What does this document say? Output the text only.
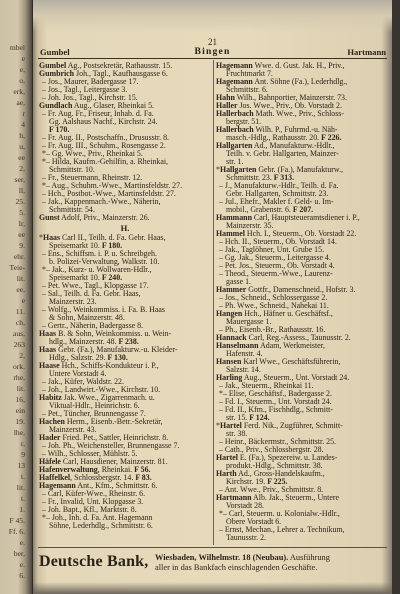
mbel
e
e,
o,
erk,
ae,
r
4
h,
u,
ee
2,
ser,
ll,
25.
5.
lr,
ee
9.
ehr.
Teie-
lit.
ee,
e
11.
ch,
aus,
263
2,
ork.
rhe,
lit.
16,
ein
19.
lhe,
r,
9
13
t.
lit.
t.
1.
F 45.
Ff. 6.
e.
ber,
e.
6.
21
Gumbel	Bingen	Hartmann
Gumbel Ag., Postsekretär, Rathausstr. 15.
Gumbrich Joh., Tagl., Kaufhausgasse 6.
– Jos., Maurer, Badergasse 17.
– Jos., Tagl., Leitergasse 3.
– Joh. Jos., Tagl., Kirchstr. 15.
Gundlach Aug., Glaser, Rheinkai 5.
– Fr. Aug. Fr., Friseur, Inhab. d. Fa.
Gg. Aalshaus Nachf., Kirchstr. 24.
F 170.
– Fr. Aug. II., Postschaffn., Drususstr. 8.
– Fr. Aug. III., Schuhm., Rosengasse 2.
*– Gg. Wwe., Priv., Rheinkai 5.
*– Hilda, Kaufm.-Gehilfin, a. Rheinkai,
Schmittstr. 10.
– Fr., Steuermann, Rheinstr. 12.
*– Aug., Schuhm.-Wwe., Martinsfeldstr. 27.
– Hch., Postbot.-Wwe., Martinsfeldstr. 27.
– Jak., Kappenmach.-Wwe., Näherin,
Schmittstr. 54.
Gunst Adolf, Priv., Mainzerstr. 26.
H.
*Haas Carl II., Teilh. d. Fa. Gebr. Haas,
Speisemarkt 10. F 180.
– Ens., Schiffsm. i. P. u. Schreibgeh.
b. Polizei-Verwaltung, Walkstr. 10.
*– Jak., Kurz- u. Wollwaren-Hdlr.,
Speisemarkt 10. F 240.
– Pet. Wwe., Tagl., Klopgasse 17.
– Sal., Teilh. d. Fa. Gebr. Haas,
Mainzerstr. 23.
– Wolfg., Weinkommiss. i. Fa. B. Haas
& Sohn, Mainzerstr. 48.
– Gertr., Näherin, Badergasse 8.
Haas B. & Sohn, Weinkommiss. u. Wein-
hdlg., Mainzerstr. 48. F 238.
Haas Gebr. (Fa.), Manufakturw.-u. Kleider-
Hdlg., Salzstr. 29. F 130.
Haase Hch., Schiffs-Kondukteur i. P.,
Untere Vorstadt 4.
– Jak., Küfer, Waldstr. 22.
– Joh., Landwirt.-Wwe., Kirchstr. 10.
Habitz Jak. Wwe., Zigarrenmach. u.
Viktual-Hdlr., Heinrichstr. 6.
– Pet., Tüncher, Brunnengasse 7.
Hachen Herm., Eisenb.-Betr.-Sekretär,
Mainzerstr. 43.
Hader Fried. Pet., Sattler, Heinrichstr. 8.
– Joh. Ph., Weichensteller, Brunnengasse 7.
– Wilh., Schlosser, Mühlstr. 5.
Häfele Carl, Hausdiener, Mainzerstr. 81.
Hafenverwaltung, Rheinkai. F 56.
Haffelkel, Schlossbergstr. 14. F 83.
Hagemann Ant., Kfm., Schmittstr. 6.
– Carl, Küfer-Wwe., Rheinstr. 6.
– Fr., Invalid, Unt. Klopgasse 3.
– Joh. Bapt., Kfl., Marktstr. 8.
*– Joh., Inh. d. Fa. Ant. Hagemann
Söhne, Lederhdlg., Schmittstr. 6.
Hagemann Wwe. d. Gust. Jak. H., Priv.,
Fruchtmarkt 7.
Hagemann Ant. Söhne (Fa.), Lederhdlg.,
Schmittstr. 6.
Hahn Wilh., Bahnportier, Mainzerstr. 73.
Haller Jos. Wwe., Priv., Ob. Vorstadt 2.
Hallerbach Math. Wwe., Priv., Schloss-
bergstr. 51.
Hallerbach Wilh. P., Fuhrmd.-u. Näh-
masch.-Hdlg., Rathausstr. 20. F 226.
Hallgarten Ad., Manufakturw.-Hdlr.,
Teilh. v. Gebr. Hallgarten, Mainzer-
str. 1.
*Hallgarten Gebr. (Fa.), Manufakturw.,
Schmittstr. 23. F 313.
– J., Manufakturw.-Hdlr., Teilh. d. Fa.
Gebr. Hallgarten, Schmittstr. 23.
– Jul., Ehefr., Makler f. Geld- u. Im-
mobil., Grabenstr. 6. F 207.
Hammann Carl, Hauptsteueramtsdiener i. P.,
Mainzerstr. 35.
Hammel Hch. I., Steuerm., Ob. Vorstadt 22.
– Hch. II., Steuerm., Ob. Vorstadt 14.
– Jak., Taglöhner, Unt. Grube 15.
– Gg. Jak., Steuerm., Leitergasse 4.
– Pet. Jos., Steuerm., Ob. Vorstadt 4.
– Theod., Steuerm.-Wwe., Laurenz-
gasse 1.
Hammer Gottfr., Damenschneid., Hofstr. 3.
– Jos., Schneid., Schlossergasse 2.
– Ph. Wwe., Schneid., Nahekai 11.
Hangen Hch., Häfner u. Geschäftsf.,
Mauergasse 1.
– Ph., Eisenb.-Br., Rathausstr. 16.
Hannack Carl, Reg.-Assess., Taunusstr. 2.
Hanselmann Adam, Werkmeister,
Hafenstr. 4.
Hansen Karl Wwe., Geschäftsführerin,
Salzstr. 14.
Harling Aug., Steuerm., Unt. Vorstadt 24.
– Jak., Steuerm., Rheinkai 11.
*– Elise, Geschäftsf., Badergasse 2.
– Fd. I., Steuerm., Unt. Vorstadt 24.
– Fd. II., Kfm., Fischhdlg., Schmitt-
str. 15. F 124.
*Hartel Ferd. Nik., Zugführer, Schmitt-
str. 38.
– Heinr., Bäckermstr., Schmittstr. 25.
– Cath., Priv., Schlossbergstr. 28.
Hartel E. (Fa.), Spezereiw. u. Landes-
produkt.-Hdlg., Schmittstr. 38.
Harth Ad., Gross-Handelskaufm.,
Kirchstr. 19. F 225.
– Ant. Wwe., Priv., Schmittstr. 8.
Hartmann Alb. Jak., Steuerm., Untere
Vorstadt 28.
*– Carl, Steuerm. u. Kolonialw.-Hdlr.,
Obere Vorstadt 6.
– Ernst, Mechan., Lehrer a. Technikum,
Taunusstr. 2.
Deutsche Bank, Wiesbaden, Wilhelmstr. 18 (Neubau). Ausführung
aller in das Bankfach einschlagenden Geschäfte.
